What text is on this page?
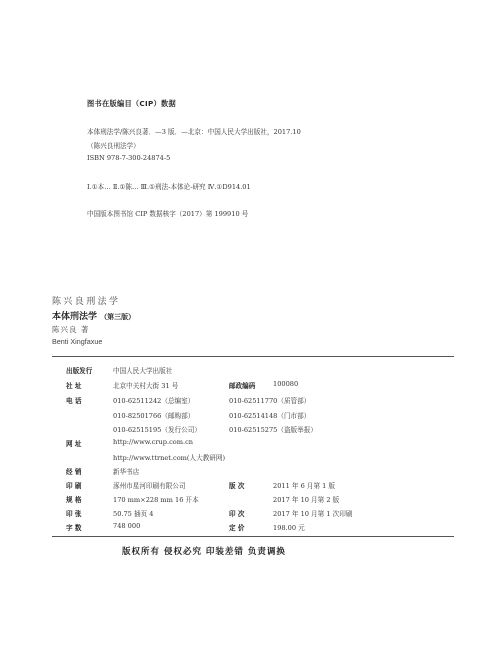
图书在版编目（CIP）数据
本体刑法学/陈兴良著．—3 版．—北京：中国人民大学出版社，2017.10
（陈兴良刑法学）
ISBN 978-7-300-24874-5
Ⅰ.①本… Ⅱ.①陈… Ⅲ.①刑法-本体论-研究 Ⅳ.①D914.01
中国版本图书馆 CIP 数据核字（2017）第 199910 号
陈兴良刑法学
本体刑法学 （第三版）
陈兴良 著
Benti Xingfaxue
出版发行	中国人民大学出版社
社 址	北京中关村大街 31 号	邮政编码	100080
电 话	010-62511242（总编室）	010-62511770（质管部）
010-82501766（邮购部）	010-62514148（门市部）
010-62515195（发行公司）	010-62515275（盗版举报）
网 址	http://www.crup.com.cn
http://www.ttrnet.com(人大教研网)
经 销	新华书店
印 刷	涿州市星河印刷有限公司	版 次	2011 年 6 月第 1 版
规 格	170 mm×228 mm 16 开本	2017 年 10 月第 2 版
印 张	50.75 插页 4	印 次	2017 年 10 月第 1 次印刷
字 数	748 000	定 价	198.00 元
版权所有 侵权必究 印装差错 负责调换
